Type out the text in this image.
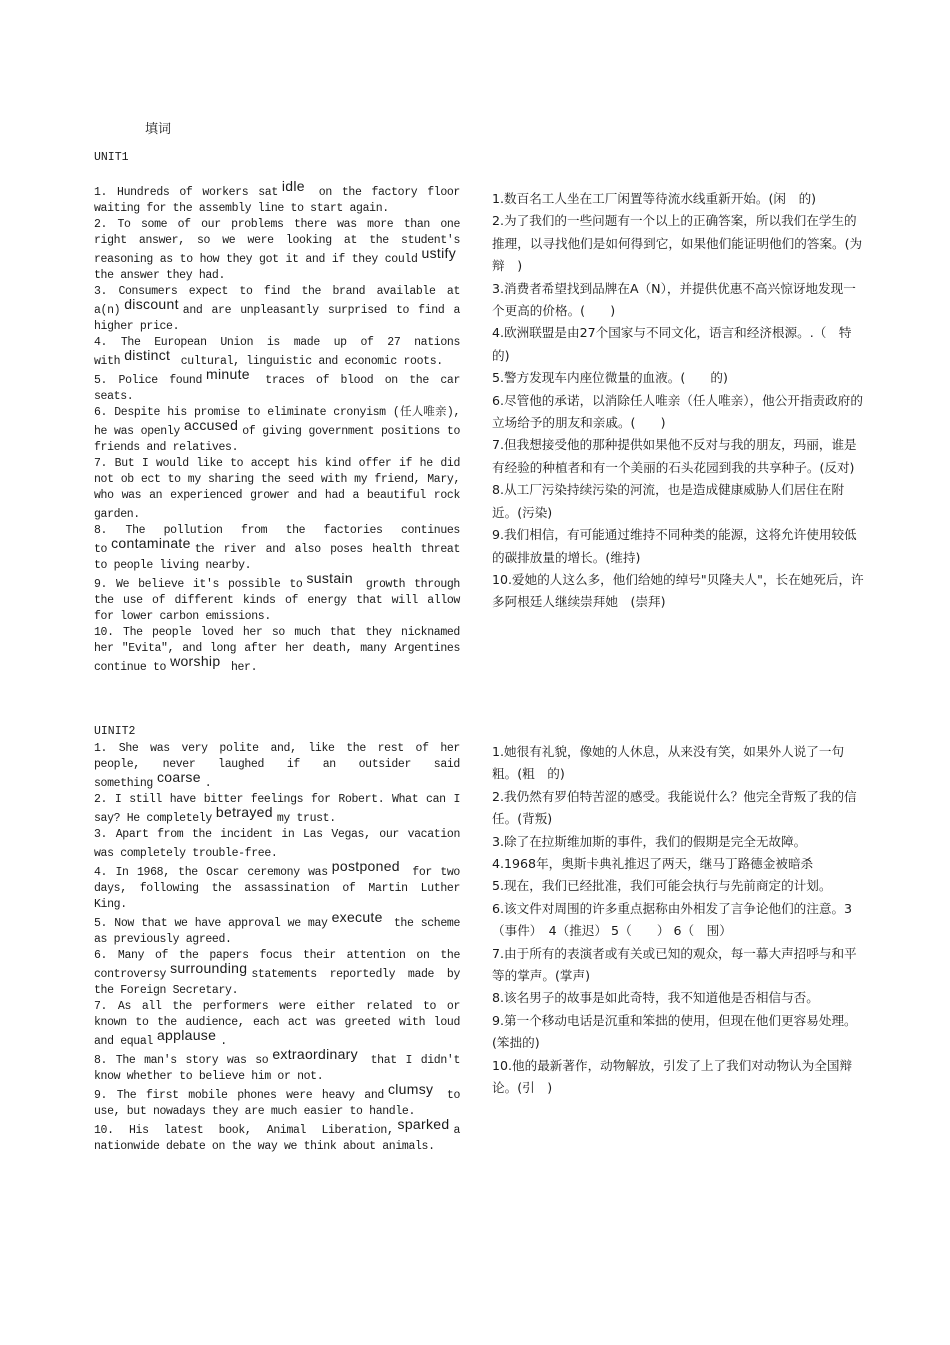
填词
UNIT1

1. Hundreds of workers sat idle on the factory floor waiting for the assembly line to start again.

2. To some of our problems there was more than one right answer, so we were looking at the student's reasoning as to how they got it and if they could ustify the answer they had.

3. Consumers expect to find the brand available at a(n) discount and are unpleasantly surprised to find a higher price.

4. The European Union is made up of 27 nations with distinct cultural, linguistic and economic roots.

5. Police found minute traces of blood on the car seats.

6. Despite his promise to eliminate cronyism (任人唯亲), he was openly accused of giving government positions to friends and relatives.

7. But I would like to accept his kind offer if he did not ob ect to my sharing the seed with my friend, Mary, who was an experienced grower and had a beautiful rock garden.

8. The pollution from the factories continues to contaminate the river and also poses health threat to people living nearby.

9. We believe it's possible to sustain growth through the use of different kinds of energy that will allow for lower carbon emissions.

10. The people loved her so much that they nicknamed her "Evita", and long after her death, many Argentines continue to worship her.

1.数百名工人坐在工厂闲置等待流水线重新开始。(闲　的)

2.为了我们的一些问题有一个以上的正确答案，所以我们在学生的推理，以寻找他们是如何得到它，如果他们能证明他们的答案。(为　　辩　)

3.消费者希望找到品牌在A（N），并提供优惠不高兴惊讶地发现一个更高的价格。(　　)

4.欧洲联盟是由27个国家与不同文化，语言和经济根源。.（　特的)

5.警方发现车内座位微量的血液。(　　的)

6.尽管他的承诺，以消除任人唯亲（任人唯亲），他公开指责政府的立场给予的朋友和亲戚。(　　)

7.但我想接受他的那种提供如果他不反对与我的朋友，玛丽，谁是有经验的种植者和有一个美丽的石头花园到我的共享种子。(反对)

8.从工厂污染持续污染的河流，也是造成健康威胁人们居住在附近。(污染)

9.我们相信，有可能通过维持不同种类的能源，这将允许使用较低的碳排放量的增长。(维持)

10.爱她的人这么多，他们给她的绰号"贝隆夫人"，长在她死后，许多阿根廷人继续崇拜她　(崇拜)

UINIT2

1. She was very polite and, like the rest of her people, never laughed if an outsider said something coarse .

2. I still have bitter feelings for Robert. What can I say? He completely betrayed my trust.

3. Apart from the incident in Las Vegas, our vacation was completely trouble-free.

4. In 1968, the Oscar ceremony was postponed for two days, following the assassination of Martin Luther King.

5. Now that we have approval we may execute the scheme as previously agreed.

6. Many of the papers focus their attention on the controversy surrounding statements reportedly made by the Foreign Secretary.

7. As all the performers were either related to or known to the audience, each act was greeted with loud and equal applause .

8. The man's story was so extraordinary that I didn't know whether to believe him or not.

9. The first mobile phones were heavy and clumsy to use, but nowadays they are much easier to handle.

10. His latest book, Animal Liberation, sparked a nationwide debate on the way we think about animals.

1.她很有礼貌，像她的人休息，从来没有笑，如果外人说了一句粗。(粗　的)

2.我仍然有罗伯特苦涩的感受。我能说什么？他完全背叛了我的信任。(背叛)

3.除了在拉斯维加斯的事件，我们的假期是完全无故障。

4.1968年，奥斯卡典礼推迟了两天，继马丁路德金被暗杀

5.现在，我们已经批准，我们可能会执行与先前商定的计划。

6.该文件对周围的许多重点据称由外相发了言争论他们的注意。3（事件）　4（推迟） 5（　　） 6（　围）

7.由于所有的表演者或有关或已知的观众，每一幕大声招呼与和平等的掌声。(掌声)

8.该名男子的故事是如此奇特，我不知道他是否相信与否。

9.第一个移动电话是沉重和笨拙的使用，但现在他们更容易处理。(笨拙的)

10.他的最新著作，动物解放，引发了上了我们对动物认为全国辩论。(引　)
